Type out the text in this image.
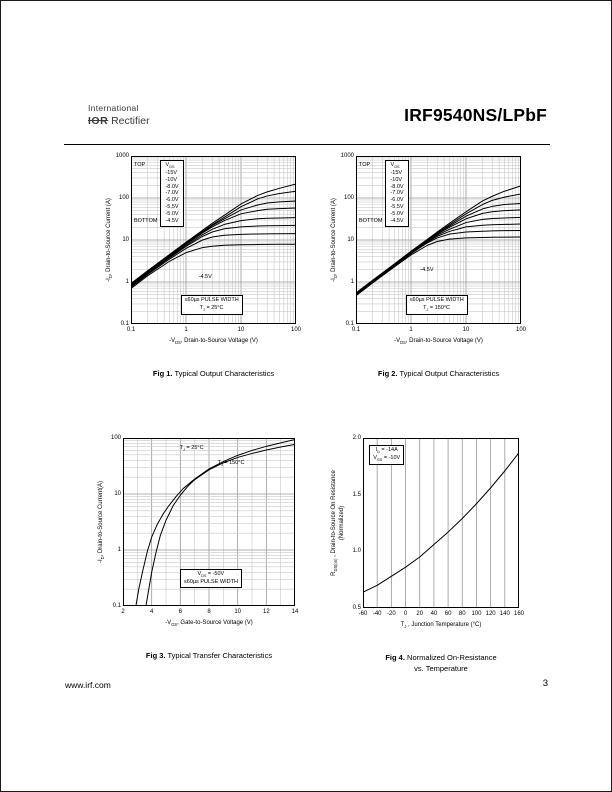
International
IOR Rectifier	IRF9540NS/LPbF
$-I_D$, Drain-to-Source Current (A)
TOP
BOTTOM
$V_{GS}$
-15V
-10V
-8.0V
-7.0V
-6.0V
-5.5V
-5.0V
-4.5V
-4.5V
≤60µs PULSE WIDTH
$T_J = 25^\circ C$
$-V_{DS}$, Drain-to-Source Voltage (V)
Fig 1. Typical Output Characteristics
0.1	1	10	100
0.1
1
10
100
1000
$-I_D$, Drain-to-Source Current (A)
TOP
BOTTOM
$V_{GS}$
-15V
-10V
-8.0V
-7.0V
-6.0V
-5.5V
-5.0V
-4.5V
-4.5V
≤60µs PULSE WIDTH
$T_J = 150^\circ C$
$-V_{DS}$, Drain-to-Source Voltage (V)
Fig 2. Typical Output Characteristics
0.1	1	10	100
0.1
1
10
100
1000
$-I_D$, Drain-to-Source Current(A)
$T_J = 25^\circ C$
$T_J = 150^\circ C$
$V_{DS} = -50V$
≤60µs PULSE WIDTH
$-V_{GS}$, Gate-to-Source Voltage (V)
Fig 3. Typical Transfer Characteristics
2	4	6	8	10	12	14
0.1
1
10
100
$R_{DS(on)}$ , Drain-to-Source On Resistance (Normalized)
$I_D = -14A$
$V_{GS} = -10V$
$T_J$ , Junction Temperature (°C)
Fig 4. Normalized On-Resistance
vs. Temperature
-60 -40 -20	0	20	40	60	80 100 120 140 160
0.5
1.0
1.5
2.0
www.irf.com	3
